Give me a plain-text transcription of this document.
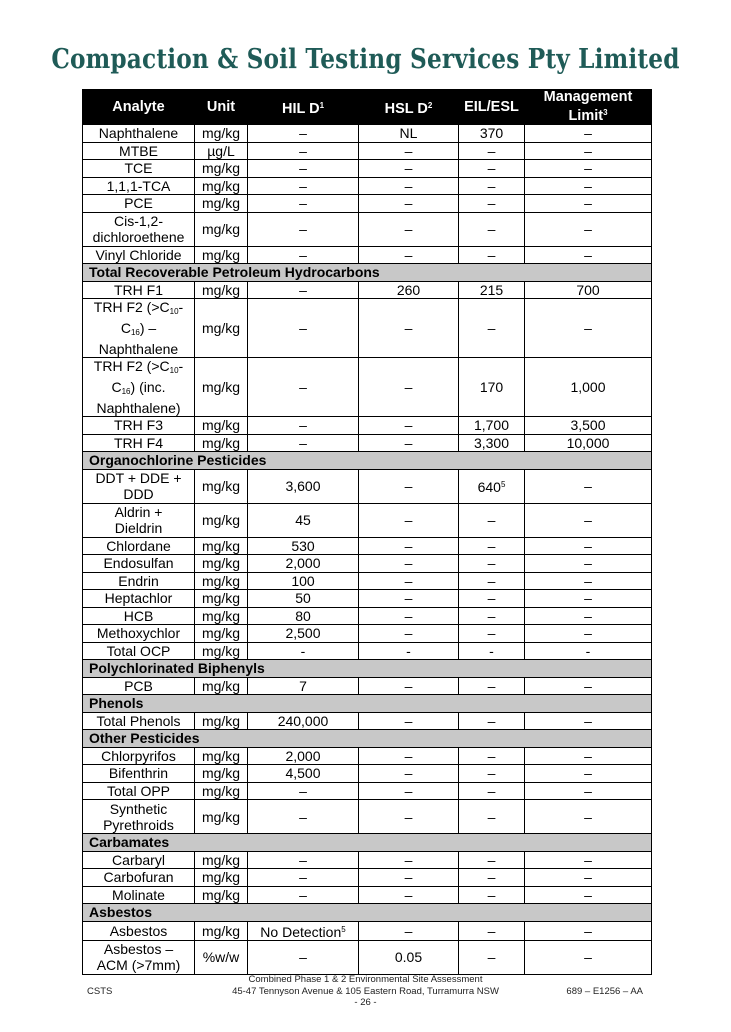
Compaction & Soil Testing Services Pty Limited
Analyte	Unit	HIL $D^1$	HSL $D^2$	EIL/ESL	Management
Limit$^3$
Naphthalene	mg/kg	–	NL	370	–
MTBE	µg/L	–	–	–	–
TCE	mg/kg	–	–	–	–
1,1,1-TCA	mg/kg	–	–	–	–
PCE	mg/kg	–	–	–	–
Cis-1,2-
dichloroethene	mg/kg	–	–	–	–
Vinyl Chloride	mg/kg	–	–	–	–
Total Recoverable Petroleum Hydrocarbons					
TRH F1	mg/kg	–	260	215	700
TRH F2 ($>C_{10}-$
$C_{16}$) –
Naphthalene	mg/kg	–	–	–	–
TRH F2 ($>C_{10}-$
$C_{16}$) (inc.
Naphthalene)	mg/kg	–	–	170	1,000
TRH F3	mg/kg	–	–	1,700	3,500
TRH F4	mg/kg	–	–	3,300	10,000
Organochlorine Pesticides					
DDT + DDE +
DDD	mg/kg	3,600	–	$640^5$	–
Aldrin +
Dieldrin	mg/kg	45	–	–	–
Chlordane	mg/kg	530	–	–	–
Endosulfan	mg/kg	2,000	–	–	–
Endrin	mg/kg	100	–	–	–
Heptachlor	mg/kg	50	–	–	–
HCB	mg/kg	80	–	–	–
Methoxychlor	mg/kg	2,500	–	–	–
Total OCP	mg/kg	-	-	-	-
Polychlorinated Biphenyls					
PCB	mg/kg	7	–	–	–
Phenols					
Total Phenols	mg/kg	240,000	–	–	–
Other Pesticides					
Chlorpyrifos	mg/kg	2,000	–	–	–
Bifenthrin	mg/kg	4,500	–	–	–
Total OPP	mg/kg	–	–	–	–
Synthetic
Pyrethroids	mg/kg	–	–	–	–
Carbamates					
Carbaryl	mg/kg	–	–	–	–
Carbofuran	mg/kg	–	–	–	–
Molinate	mg/kg	–	–	–	–
Asbestos					
Asbestos	mg/kg	No Detection$^5$	–	–	–
Asbestos –
ACM (>7mm)	%w/w	–	0.05	–	–
CSTS
Combined Phase 1 & 2 Environmental Site Assessment
45-47 Tennyson Avenue & 105 Eastern Road, Turramurra NSW
- 26 -
689 – E1256 – AA
